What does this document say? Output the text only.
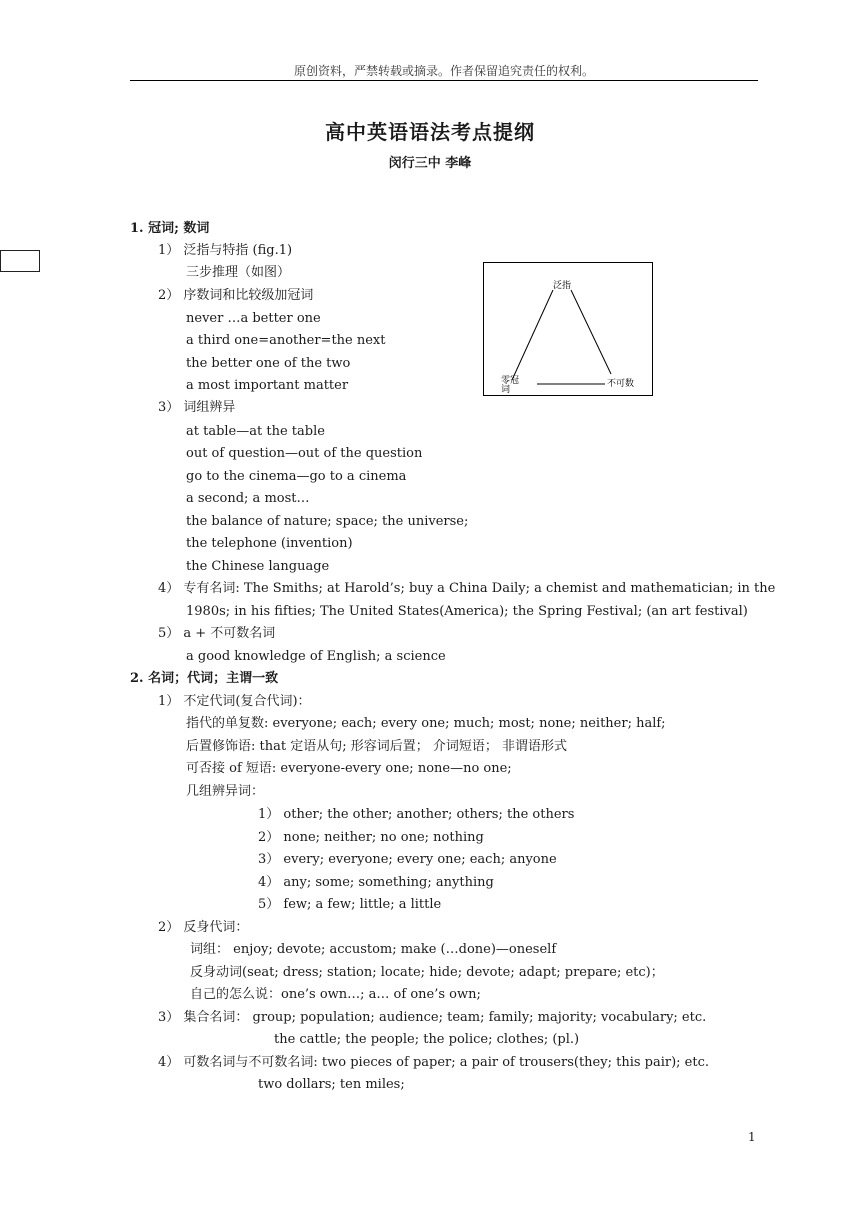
原创资料，严禁转载或摘录。作者保留追究责任的权利。
高中英语语法考点提纲
闵行三中 李峰
1. 冠词; 数词
1） 泛指与特指 (fig.1)
三步推理（如图）
2） 序数词和比较级加冠词
never …a better one
a third one=another=the next
the better one of the two
a most important matter
3） 词组辨异
at table—at the table
out of question—out of the question
go to the cinema—go to a cinema
a second; a most…
the balance of nature; space; the universe;
the telephone (invention)
the Chinese language
4） 专有名词: The Smiths; at Harold’s; buy a China Daily; a chemist and mathematician; in the
1980s; in his fifties; The United States(America); the Spring Festival; (an art festival)
5） a + 不可数名词
a good knowledge of English; a science
2. 名词；代词；主谓一致
1） 不定代词(复合代词)：
指代的单复数: everyone; each; every one; much; most; none; neither; half;
后置修饰语: that 定语从句; 形容词后置； 介词短语； 非谓语形式
可否接 of 短语: everyone-every one; none—no one;
几组辨异词：
1） other; the other; another; others; the others
2） none; neither; no one; nothing
3） every; everyone; every one; each; anyone
4） any; some; something; anything
5） few; a few; little; a little
2） 反身代词：
词组： enjoy; devote; accustom; make (…done)—oneself
反身动词(seat; dress; station; locate; hide; devote; adapt; prepare; etc)；
自己的怎么说：one’s own…; a… of one’s own;
3） 集合名词： group; population; audience; team; family; majority; vocabulary; etc.
the cattle; the people; the police; clothes; (pl.)
4） 可数名词与不可数名词: two pieces of paper; a pair of trousers(they; this pair); etc.
two dollars; ten miles;
泛指
零冠
词
不可数
1
